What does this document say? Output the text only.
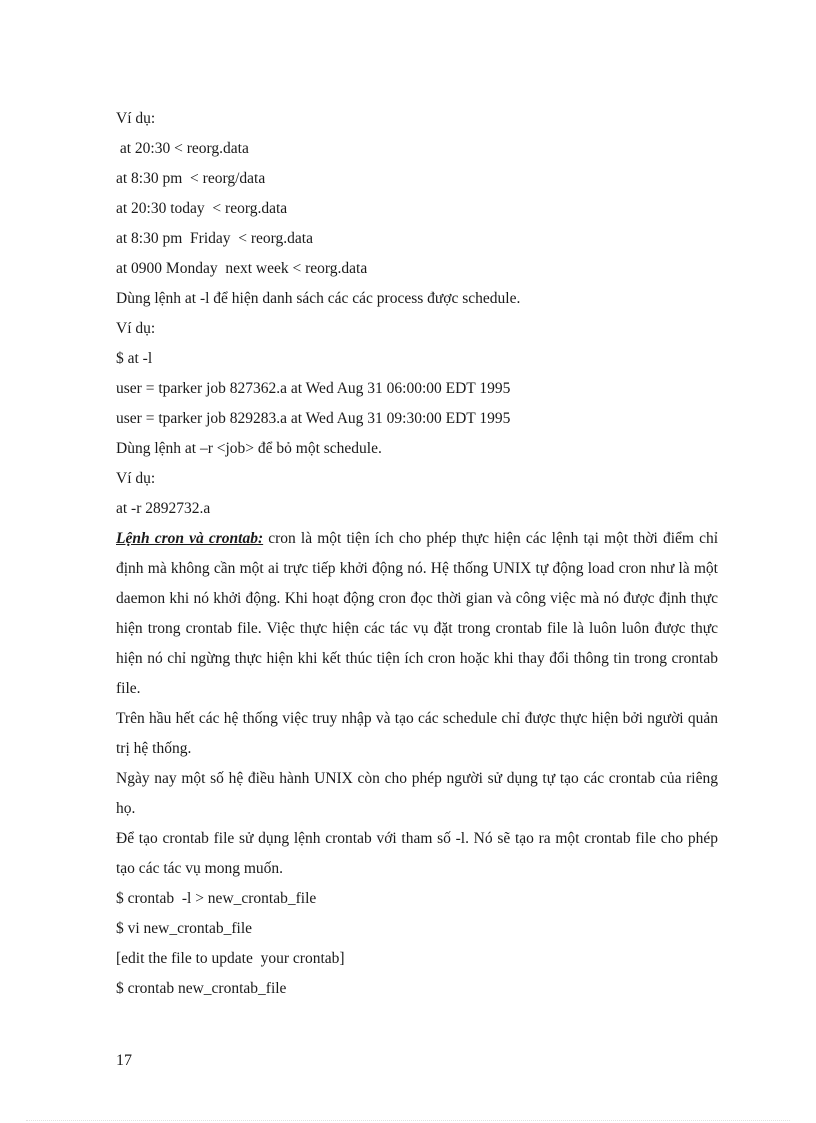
Ví dụ:
at 20:30 < reorg.data
at 8:30 pm  < reorg/data
at 20:30 today  < reorg.data
at 8:30 pm  Friday  < reorg.data
at 0900 Monday  next week < reorg.data
Dùng lệnh at -l để hiện danh sách các các process được schedule.
Ví dụ:
$ at -l
user = tparker job 827362.a at Wed Aug 31 06:00:00 EDT 1995
user = tparker job 829283.a at Wed Aug 31 09:30:00 EDT 1995
Dùng lệnh at –r <job> để bỏ một schedule.
Ví dụ:
at -r 2892732.a

Lệnh cron và crontab: cron là một tiện ích cho phép thực hiện các lệnh tại một thời điểm chỉ định mà không cần một ai trực tiếp khởi động nó. Hệ thống UNIX tự động load cron như là một daemon khi nó khởi động. Khi hoạt động cron đọc thời gian và công việc mà nó được định thực hiện trong crontab file. Việc thực hiện các tác vụ đặt trong crontab file là luôn luôn được thực hiện nó chỉ ngừng thực hiện khi kết thúc tiện ích cron hoặc khi thay đổi thông tin trong crontab file.

Trên hầu hết các hệ thống việc truy nhập và tạo các schedule chỉ được thực hiện bởi người quản trị hệ thống.

Ngày nay một số hệ điều hành UNIX còn cho phép người sử dụng tự tạo các crontab của riêng họ.

Để tạo crontab file sử dụng lệnh crontab với tham số -l. Nó sẽ tạo ra một crontab file cho phép tạo các tác vụ mong muốn.

$ crontab  -l > new_crontab_file
$ vi new_crontab_file
[edit the file to update  your crontab]
$ crontab new_crontab_file
17
